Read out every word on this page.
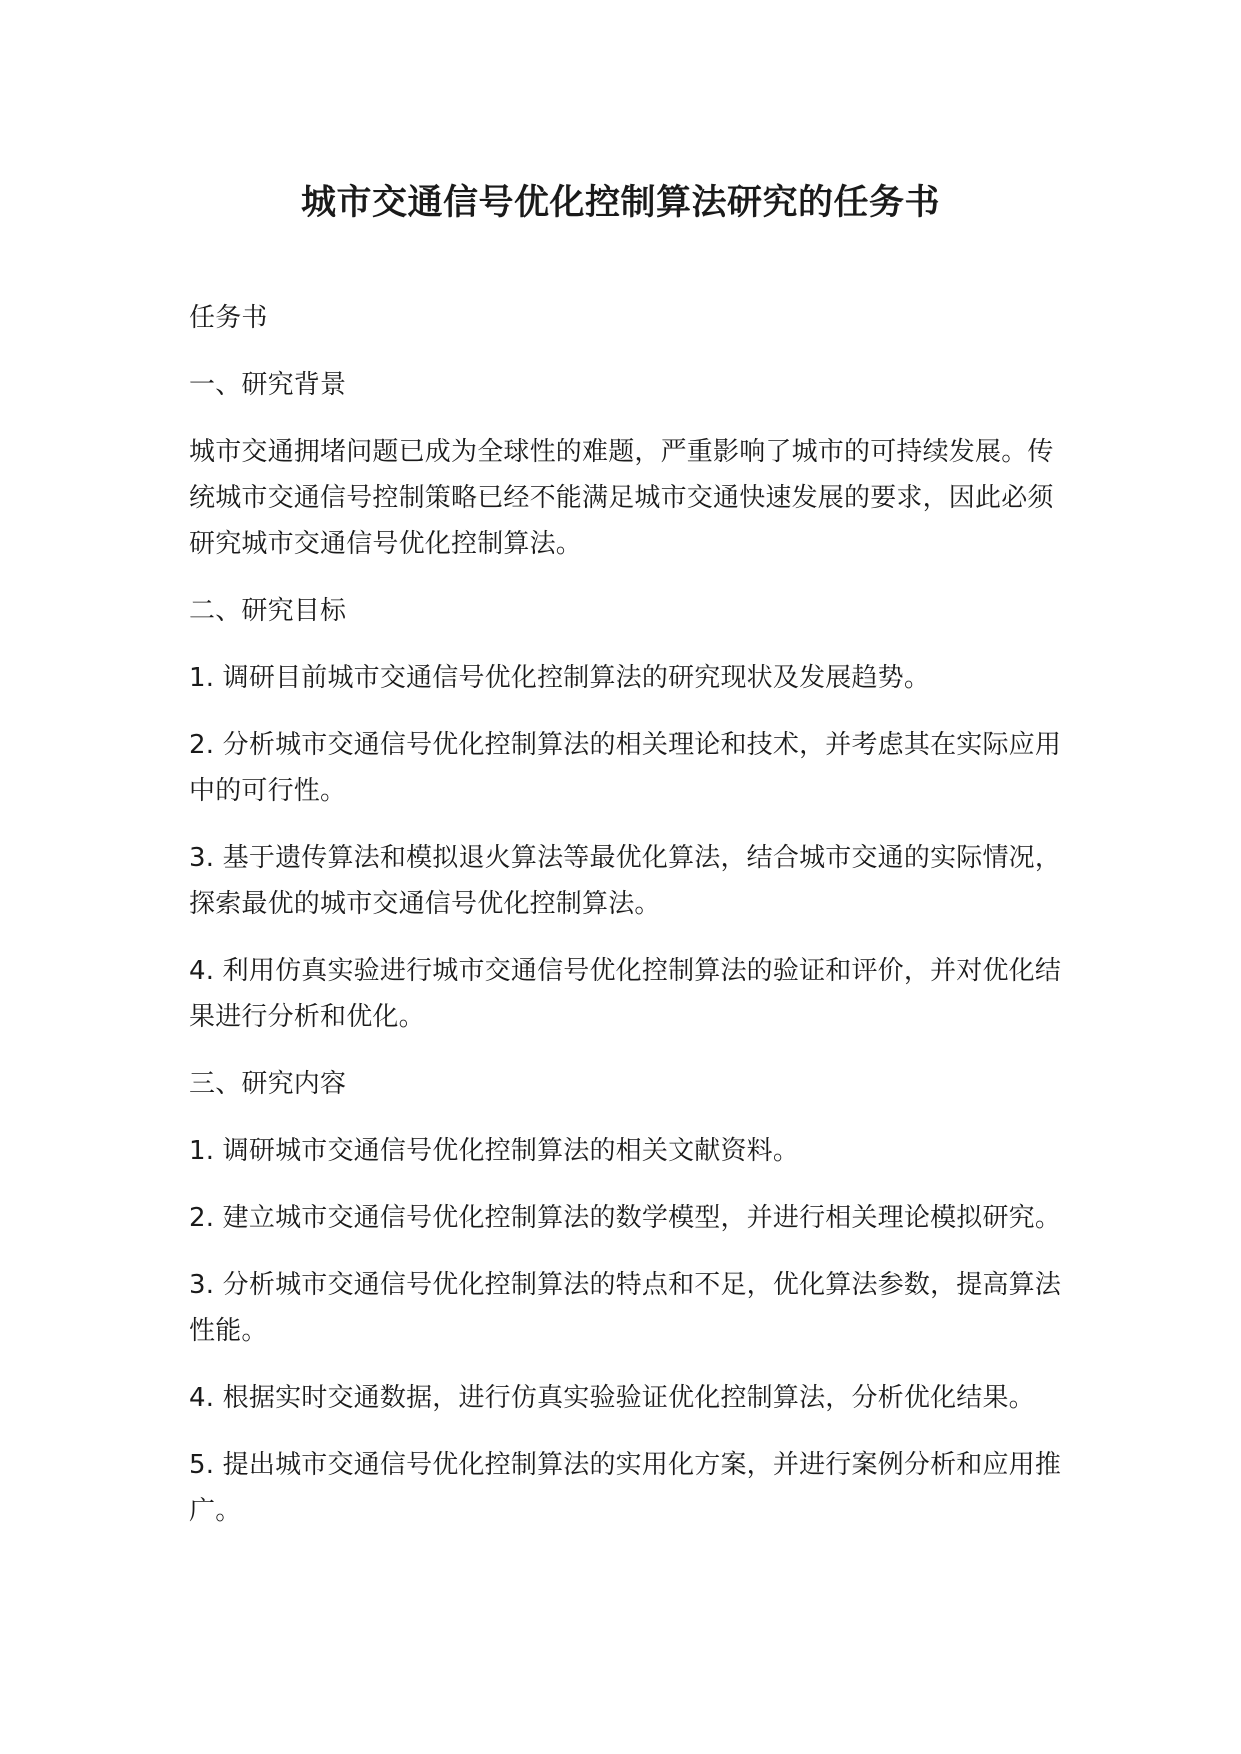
城市交通信号优化控制算法研究的任务书

任务书

一、研究背景

城市交通拥堵问题已成为全球性的难题，严重影响了城市的可持续发展。传统城市交通信号控制策略已经不能满足城市交通快速发展的要求，因此必须研究城市交通信号优化控制算法。

二、研究目标

1. 调研目前城市交通信号优化控制算法的研究现状及发展趋势。

2. 分析城市交通信号优化控制算法的相关理论和技术，并考虑其在实际应用中的可行性。

3. 基于遗传算法和模拟退火算法等最优化算法，结合城市交通的实际情况，探索最优的城市交通信号优化控制算法。

4. 利用仿真实验进行城市交通信号优化控制算法的验证和评价，并对优化结果进行分析和优化。

三、研究内容

1. 调研城市交通信号优化控制算法的相关文献资料。

2. 建立城市交通信号优化控制算法的数学模型，并进行相关理论模拟研究。

3. 分析城市交通信号优化控制算法的特点和不足，优化算法参数，提高算法性能。

4. 根据实时交通数据，进行仿真实验验证优化控制算法，分析优化结果。

5. 提出城市交通信号优化控制算法的实用化方案，并进行案例分析和应用推广。
